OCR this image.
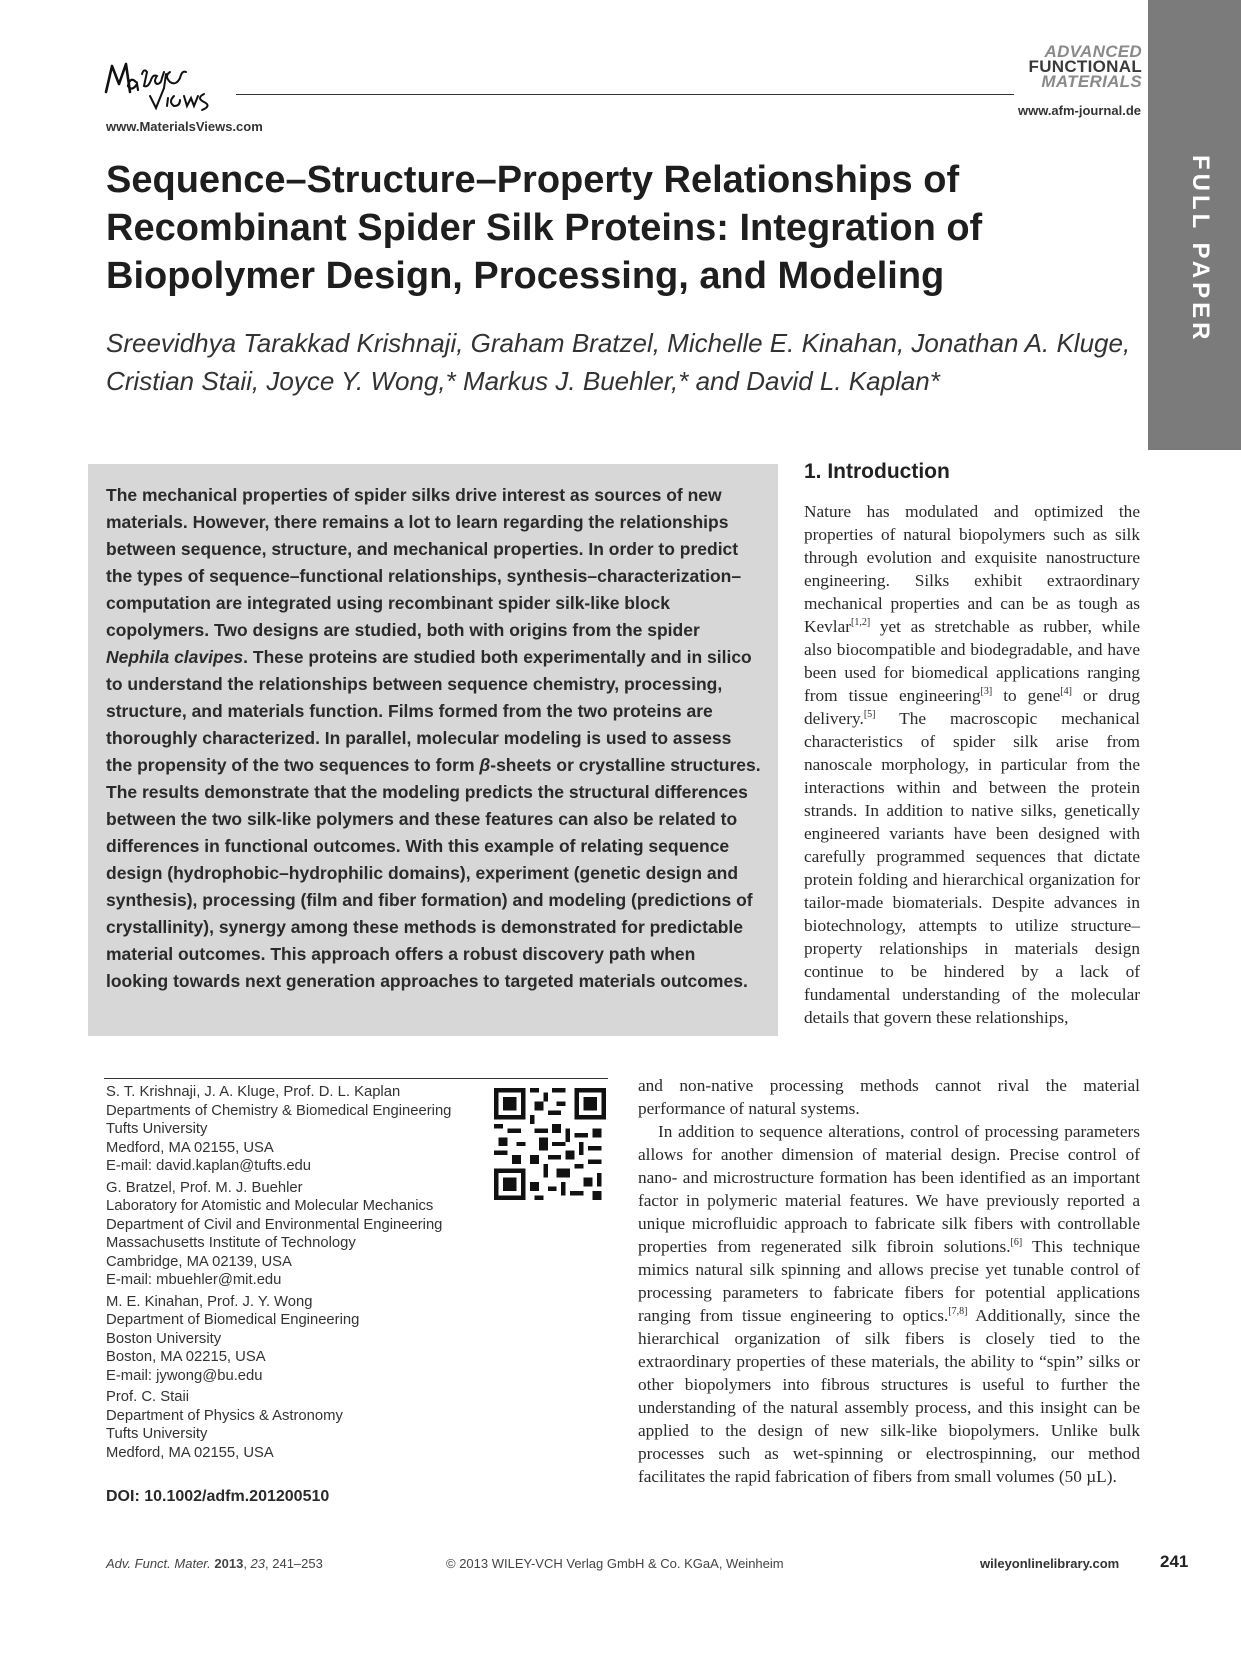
www.MaterialsViews.com
ADVANCED
FUNCTIONAL
MATERIALS
www.afm-journal.de
FULL PAPER
Sequence–Structure–Property Relationships of Recombinant Spider Silk Proteins: Integration of Biopolymer Design, Processing, and Modeling
Sreevidhya Tarakkad Krishnaji, Graham Bratzel, Michelle E. Kinahan, Jonathan A. Kluge, Cristian Staii, Joyce Y. Wong,* Markus J. Buehler,* and David L. Kaplan*
The mechanical properties of spider silks drive interest as sources of new materials. However, there remains a lot to learn regarding the relationships between sequence, structure, and mechanical properties. In order to predict the types of sequence–functional relationships, synthesis–characterization–computation are integrated using recombinant spider silk-like block copolymers. Two designs are studied, both with origins from the spider Nephila clavipes. These proteins are studied both experimentally and in silico to understand the relationships between sequence chemistry, processing, structure, and materials function. Films formed from the two proteins are thoroughly characterized. In parallel, molecular modeling is used to assess the propensity of the two sequences to form β-sheets or crystalline structures. The results demonstrate that the modeling predicts the structural differences between the two silk-like polymers and these features can also be related to differences in functional outcomes. With this example of relating sequence design (hydrophobic–hydrophilic domains), experiment (genetic design and synthesis), processing (film and fiber formation) and modeling (predictions of crystallinity), synergy among these methods is demonstrated for predictable material outcomes. This approach offers a robust discovery path when looking towards next generation approaches to targeted materials outcomes.
1. Introduction

Nature has modulated and optimized the properties of natural biopolymers such as silk through evolution and exquisite nanostructure engineering. Silks exhibit extraordinary mechanical properties and can be as tough as Kevlar[1,2] yet as stretchable as rubber, while also biocompatible and biodegradable, and have been used for biomedical applications ranging from tissue engineering[3] to gene[4] or drug delivery.[5] The macroscopic mechanical characteristics of spider silk arise from nanoscale morphology, in particular from the interactions within and between the protein strands. In addition to native silks, genetically engineered variants have been designed with carefully programmed sequences that dictate protein folding and hierarchical organization for tailor-made biomaterials. Despite advances in biotechnology, attempts to utilize structure–property relationships in materials design continue to be hindered by a lack of fundamental understanding of the molecular details that govern these relationships,

and non-native processing methods cannot rival the material performance of natural systems.

In addition to sequence alterations, control of processing parameters allows for another dimension of material design. Precise control of nano- and microstructure formation has been identified as an important factor in polymeric material features. We have previously reported a unique microfluidic approach to fabricate silk fibers with controllable properties from regenerated silk fibroin solutions.[6] This technique mimics natural silk spinning and allows precise yet tunable control of processing parameters to fabricate fibers for potential applications ranging from tissue engineering to optics.[7,8] Additionally, since the hierarchical organization of silk fibers is closely tied to the extraordinary properties of these materials, the ability to “spin” silks or other biopolymers into fibrous structures is useful to further the understanding of the natural assembly process, and this insight can be applied to the design of new silk-like biopolymers. Unlike bulk processes such as wet-spinning or electrospinning, our method facilitates the rapid fabrication of fibers from small volumes (50 µL).

S. T. Krishnaji, J. A. Kluge, Prof. D. L. Kaplan
Departments of Chemistry & Biomedical Engineering
Tufts University
Medford, MA 02155, USA
E-mail: david.kaplan@tufts.edu
G. Bratzel, Prof. M. J. Buehler
Laboratory for Atomistic and Molecular Mechanics
Department of Civil and Environmental Engineering
Massachusetts Institute of Technology
Cambridge, MA 02139, USA
E-mail: mbuehler@mit.edu
M. E. Kinahan, Prof. J. Y. Wong
Department of Biomedical Engineering
Boston University
Boston, MA 02215, USA
E-mail: jywong@bu.edu
Prof. C. Staii
Department of Physics & Astronomy
Tufts University
Medford, MA 02155, USA
DOI: 10.1002/adfm.201200510
Adv. Funct. Mater. 2013, 23, 241–253	© 2013 WILEY-VCH Verlag GmbH & Co. KGaA, Weinheim	wileyonlinelibrary.com 241
